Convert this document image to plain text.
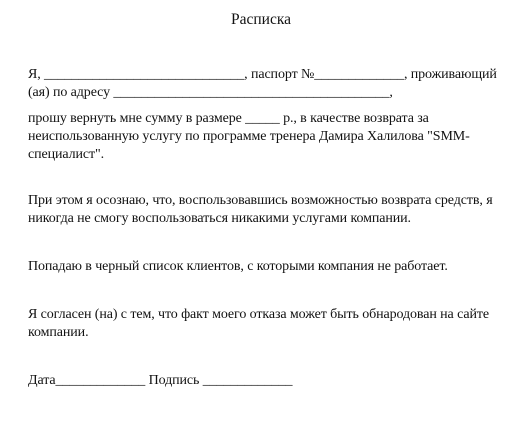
Расписка
Я, _____________________________, паспорт №_____________, проживающий
(ая) по адресу ________________________________________,
прошу вернуть мне сумму в размере _____ р., в качестве возврата за
неиспользованную услугу по программе тренера Дамира Халилова "SMM-
специалист".
При этом я осознаю, что, воспользовавшись возможностью возврата средств, я
никогда не смогу воспользоваться никакими услугами компании.
Попадаю в черный список клиентов, с которыми компания не работает.
Я согласен (на) с тем, что факт моего отказа может быть обнародован на сайте
компании.
Дата_____________ Подпись _____________
